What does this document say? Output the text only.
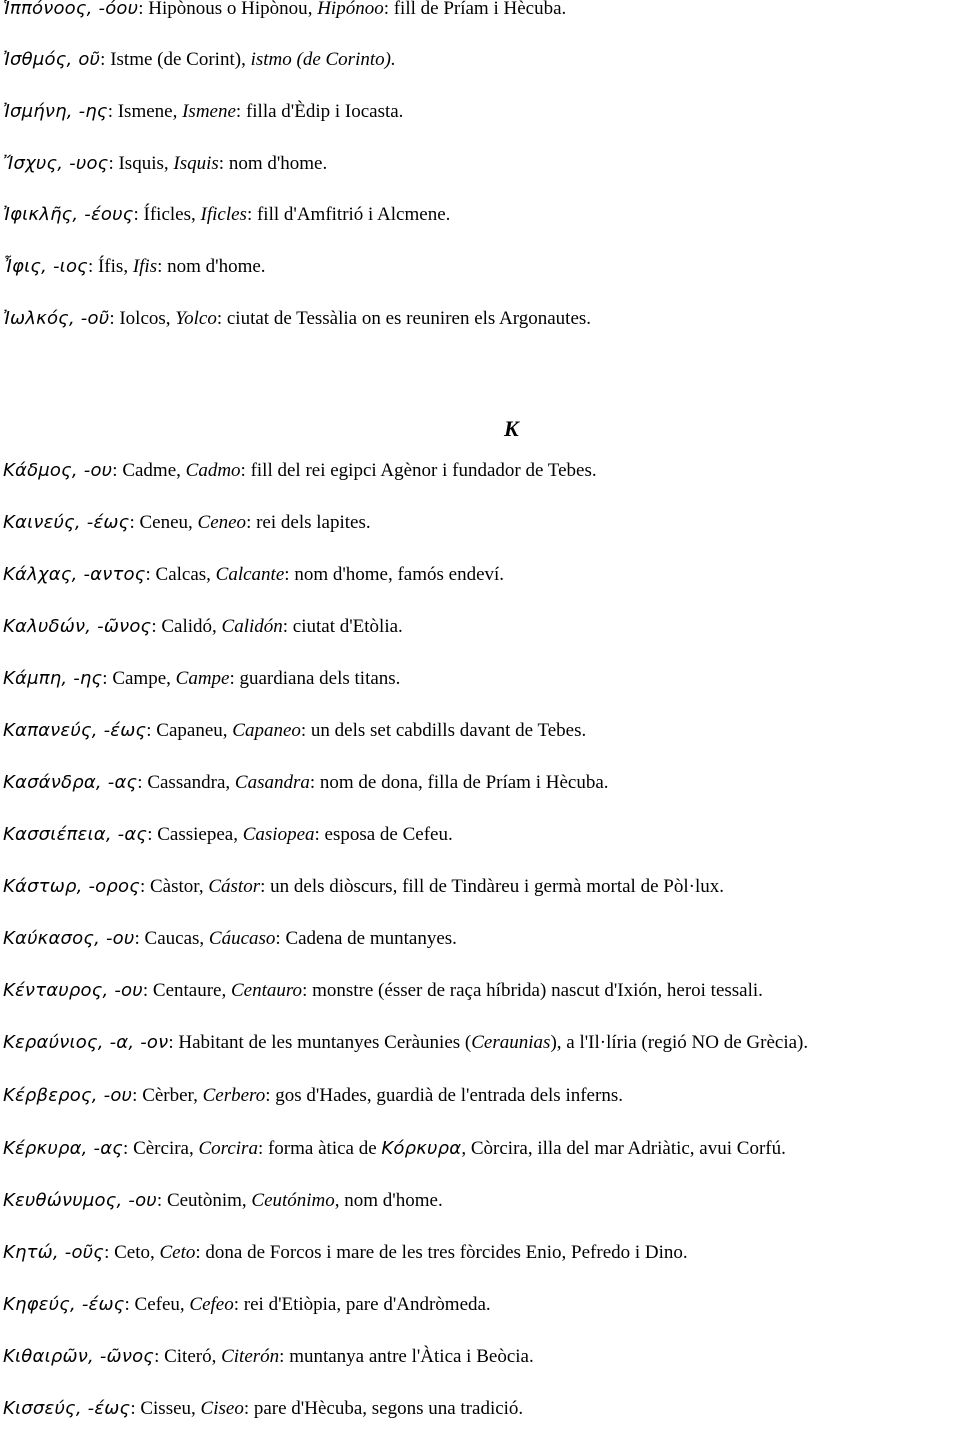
K
Ἱππόνοος, -όου: Hipònous o Hipònou, Hipónoo: fill de Príam i Hècuba.
Ἰσθμός, οῦ: Istme (de Corint), istmo (de Corinto).
Ἰσμήνη, -ης: Ismene, Ismene: filla d'Èdip i Iocasta.
Ἴσχυς, -υος: Isquis, Isquis: nom d'home.
Ἰφικλῆς, -έους: Íficles, Ificles: fill d'Amfitrió i Alcmene.
Ἶφις, -ιος: Ífis, Ifis: nom d'home.
Ἰωλκός, -οῦ: Iolcos, Yolco: ciutat de Tessàlia on es reuniren els Argonautes.
Κάδμος, -ου: Cadme, Cadmo: fill del rei egipci Agènor i fundador de Tebes.
Καινεύς, -έως: Ceneu, Ceneo: rei dels lapites.
Κάλχας, -αντος: Calcas, Calcante: nom d'home, famós endeví.
Καλυδών, -ῶνος: Calidó, Calidón: ciutat d'Etòlia.
Κάμπη, -ης: Campe, Campe: guardiana dels titans.
Καπανεύς, -έως: Capaneu, Capaneo: un dels set cabdills davant de Tebes.
Κασάνδρα, -ας: Cassandra, Casandra: nom de dona, filla de Príam i Hècuba.
Κασσιέπεια, -ας: Cassiepea, Casiopea: esposa de Cefeu.
Κάστωρ, -ορος: Càstor, Cástor: un dels diòscurs, fill de Tindàreu i germà mortal de Pòl·lux.
Καύκασος, -ου: Caucas, Cáucaso: Cadena de muntanyes.
Κένταυρος, -ου: Centaure, Centauro: monstre (ésser de raça híbrida) nascut d'Ixión, heroi tessali.
Κεραύνιος, -α, -ον: Habitant de les muntanyes Ceràunies (Ceraunias), a l'Il·líria (regió NO de Grècia).
Κέρβερος, -ου: Cèrber, Cerbero: gos d'Hades, guardià de l'entrada dels inferns.
Κέρκυρα, -ας: Cèrcira, Corcira: forma àtica de Κόρκυρα, Còrcira, illa del mar Adriàtic, avui Corfú.
Κευθώνυμος, -ου: Ceutònim, Ceutónimo, nom d'home.
Κητώ, -οῦς: Ceto, Ceto: dona de Forcos i mare de les tres fòrcides Enio, Pefredo i Dino.
Κηφεύς, -έως: Cefeu, Cefeo: rei d'Etiòpia, pare d'Andròmeda.
Κιθαιρῶν, -ῶνος: Citeró, Citerón: muntanya antre l'Àtica i Beòcia.
Κισσεύς, -έως: Cisseu, Ciseo: pare d'Hècuba, segons una tradició.
